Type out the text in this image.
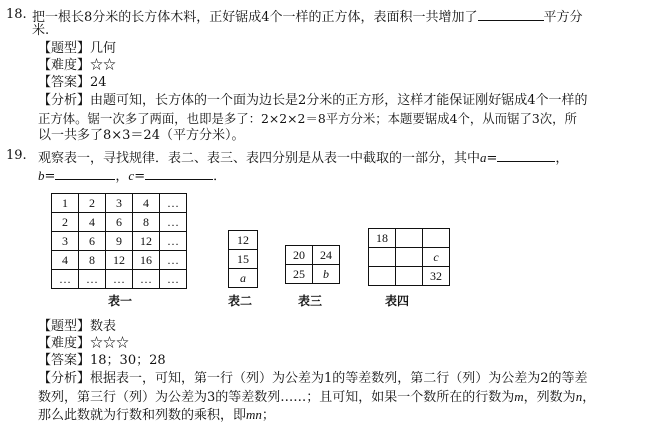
18. 把一根长8分米的长方体木料，正好锯成4个一样的正方体，表面积一共增加了	平方分
米.
【题型】几何
【难度】☆☆
【答案】24
【分析】由题可知，长方体的一个面为边长是2分米的正方形，这样才能保证刚好锯成4个一样的
正方体。锯一次多了两面，也即是多了：2×2×2＝8平方分米；本题要锯成4个，从而锯了3次，所
以一共多了8×3＝24（平方分米）。
19. 观察表一，寻找规律．表二、表三、表四分别是从表一中截取的一部分，其中a=	，
b=	，c=	．
1	2	3	4	…
2	4	6	8	…
3	6	9	12	…
4	8	12	16	…
…	…	…	…	…
表一
12
15
a
表二
20	24
25	b
表三
18		
		c
		32
表四
【题型】数表
【难度】☆☆☆
【答案】18；30；28
【分析】根据表一，可知，第一行（列）为公差为1的等差数列，第二行（列）为公差为2的等差
数列，第三行（列）为公差为3的等差数列……；且可知，如果一个数所在的行数为m，列数为n，
那么此数就为行数和列数的乘积，即mn；
